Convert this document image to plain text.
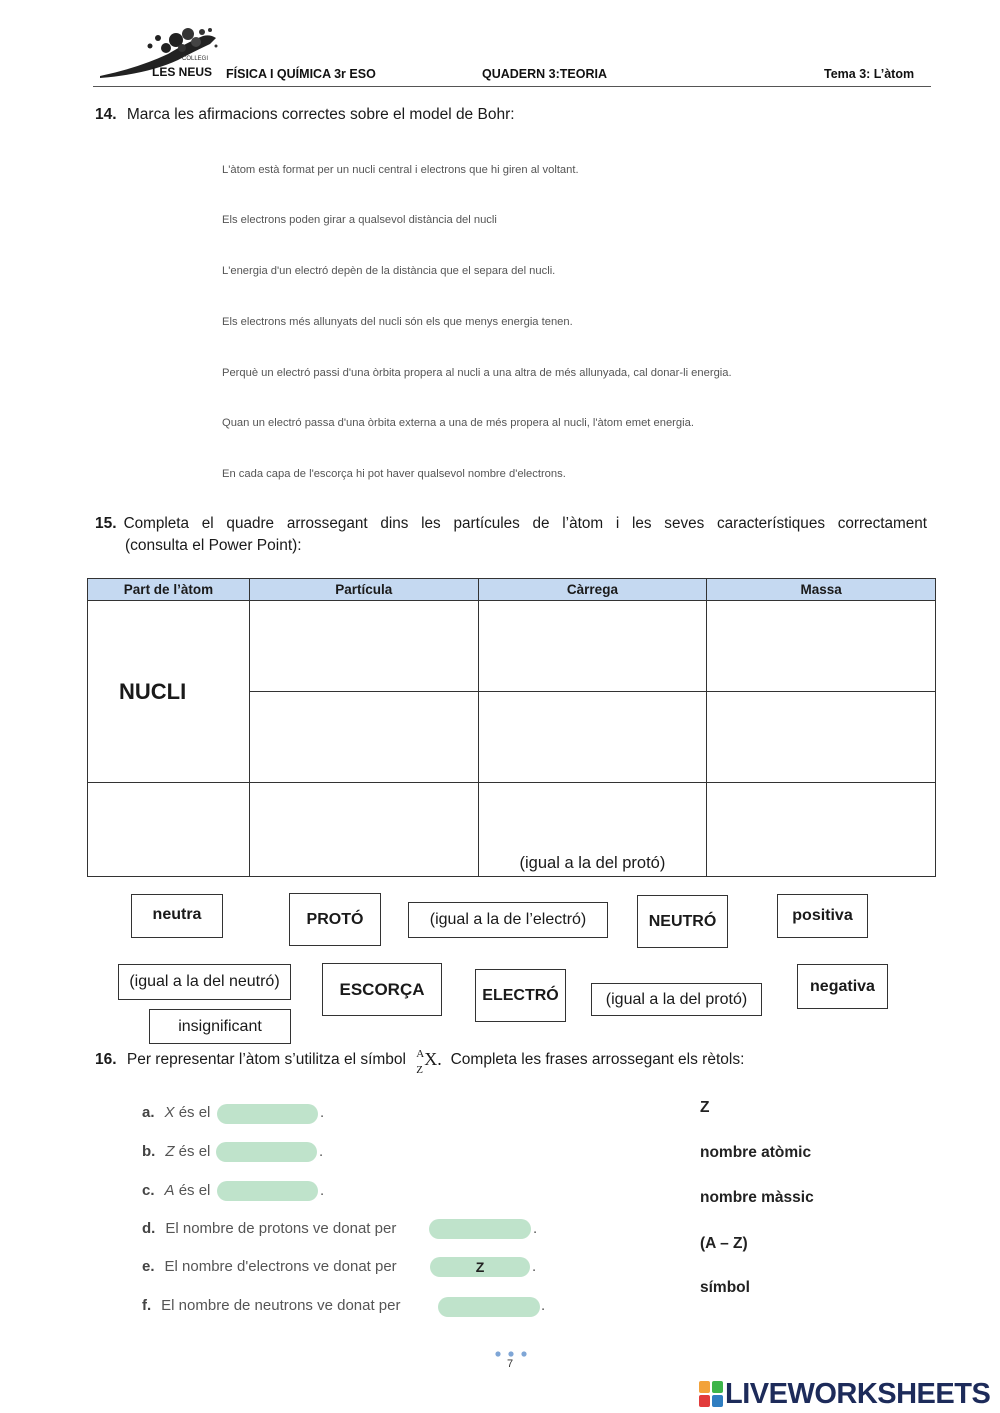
COLLEGI
LES NEUS FÍSICA I QUÍMICA 3r ESO	QUADERN 3:TEORIA	Tema 3: L’àtom
14. Marca les afirmacions correctes sobre el model de Bohr:
L'àtom està format per un nucli central i electrons que hi giren al voltant.
Els electrons poden girar a qualsevol distància del nucli
L'energia d'un electró depèn de la distància que el separa del nucli.
Els electrons més allunyats del nucli són els que menys energia tenen.
Perquè un electró passi d'una òrbita propera al nucli a una altra de més allunyada, cal donar-li energia.
Quan un electró passa d'una òrbita externa a una de més propera al nucli, l'àtom emet energia.
En cada capa de l'escorça hi pot haver qualsevol nombre d'electrons.
15. Completa el quadre arrossegant dins les partícules de l’àtom i les seves característiques correctament
(consulta el Power Point):
Part de l’àtom	Partícula	Càrrega	Massa
NUCLI			

		(igual a la del protó)	
neutra	PROTÓ	(igual a la de l’electró)	NEUTRÓ	positiva
(igual a la del neutró)	ESCORÇA	ELECTRÓ	(igual a la del protó)
negativa
insignificant
16. Per representar l’àtom s’utilitza el símbol A
Z
X. Completa les frases arrossegant els rètols:
a. X és el	.
b. Z és el	.
c. A és el	.
d. El nombre de protons ve donat per	.
e. El nombre d'electrons ve donat per	Z	.
f. El nombre de neutrons ve donat per	.
Z
nombre atòmic
nombre màssic
(A – Z)
símbol
7
LIVEWORKSHEETS
